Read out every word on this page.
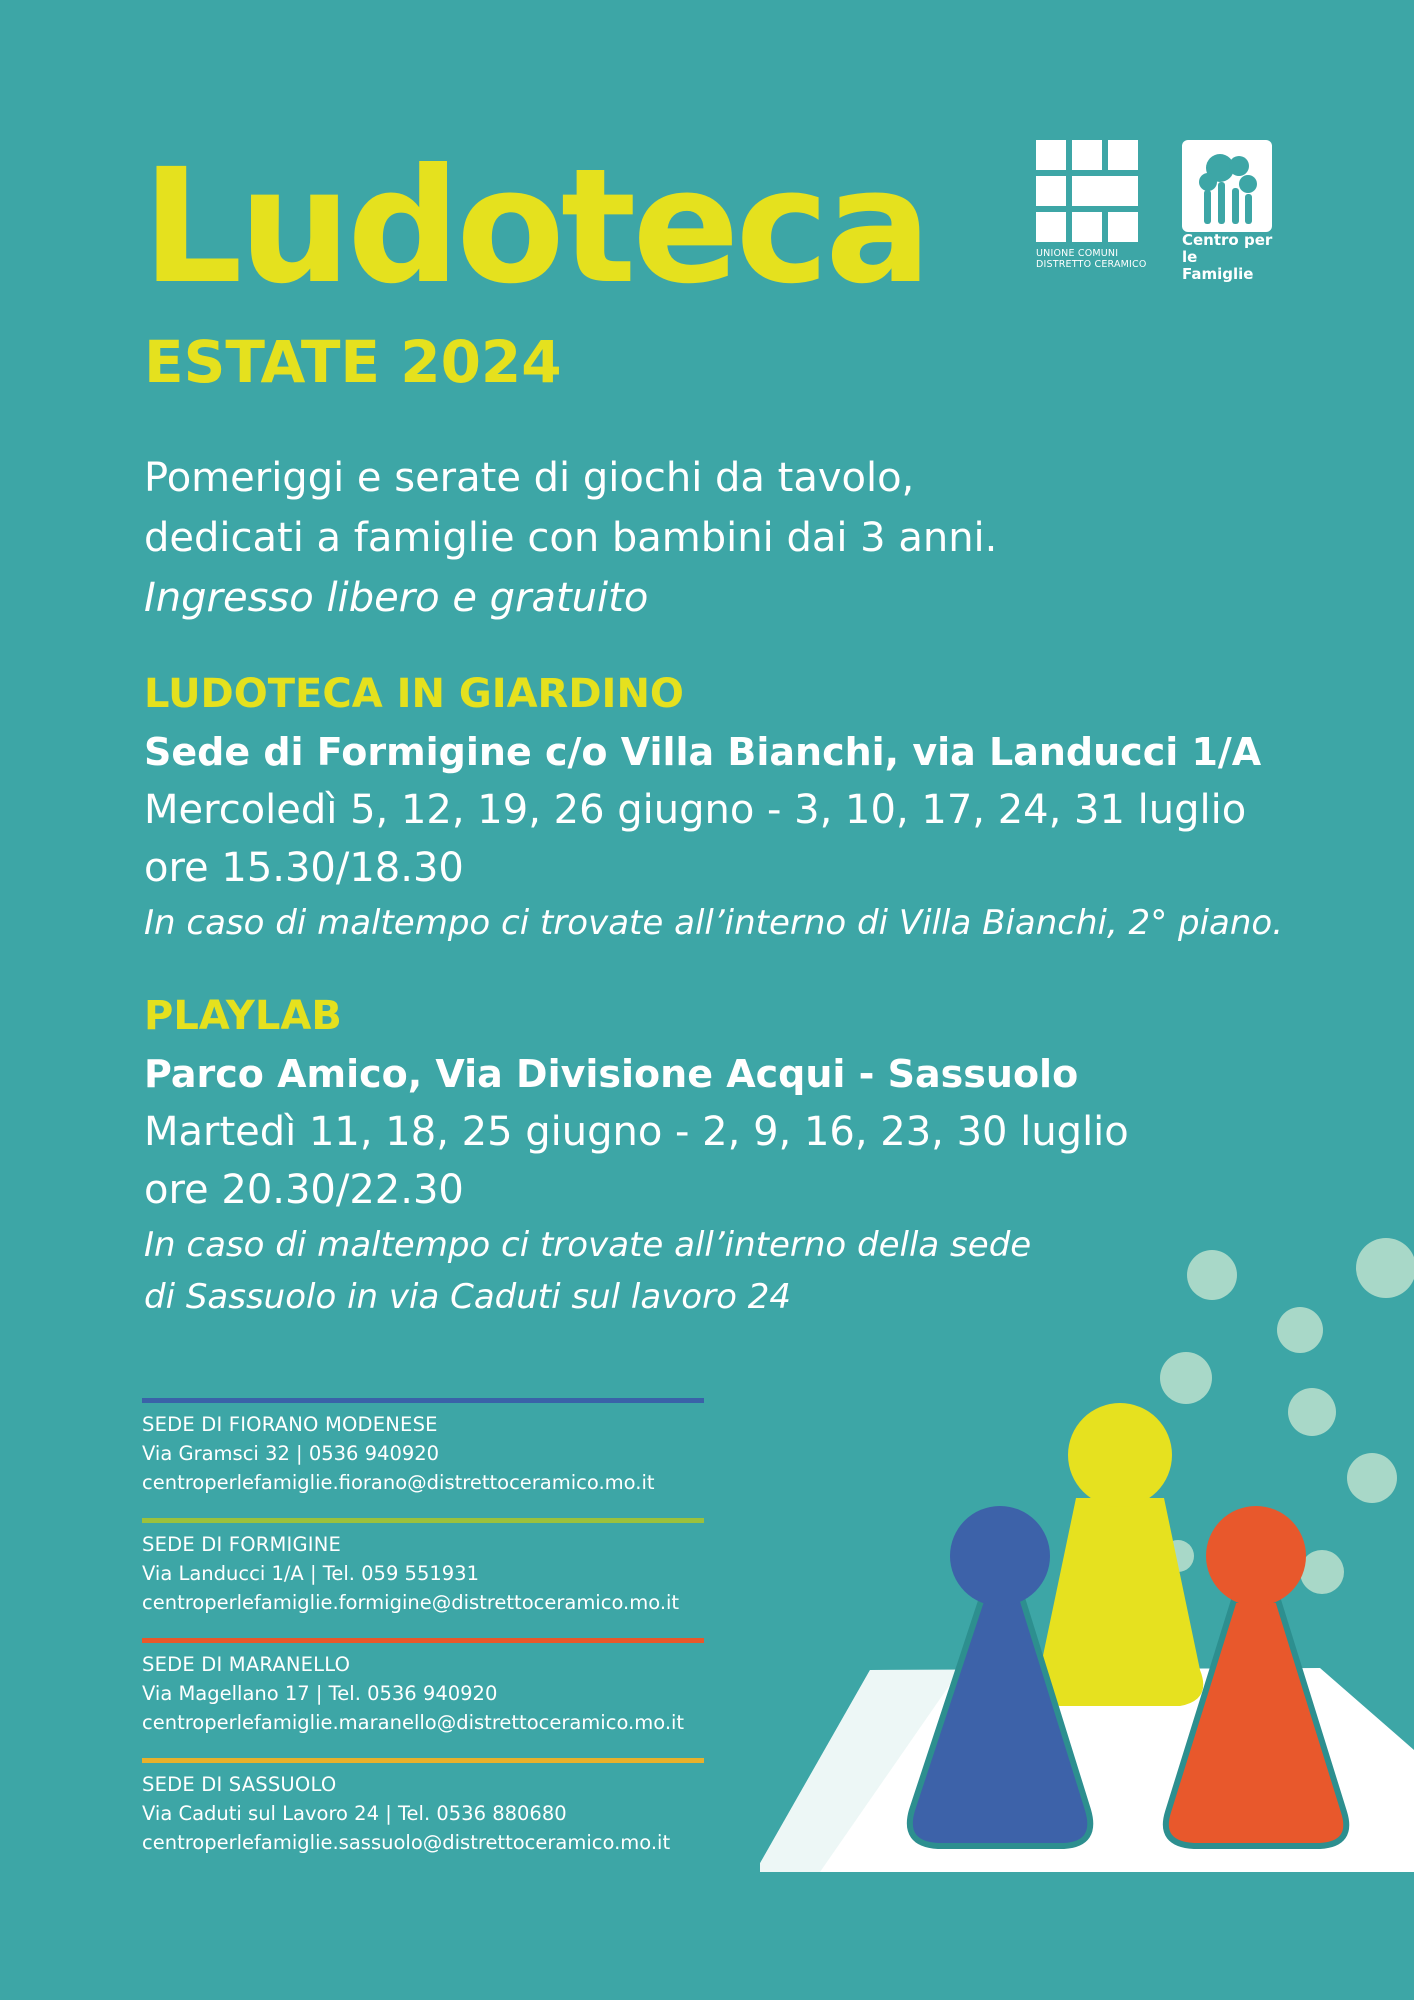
Ludoteca
ESTATE 2024
UNIONE COMUNI
DISTRETTO CERAMICO
Centro per le
Famiglie
Pomeriggi e serate di giochi da tavolo,
dedicati a famiglie con bambini dai 3 anni.
Ingresso libero e gratuito
LUDOTECA IN GIARDINO
Sede di Formigine c/o Villa Bianchi, via Landucci 1/A
Mercoledì 5, 12, 19, 26 giugno - 3, 10, 17, 24, 31 luglio
ore 15.30/18.30
In caso di maltempo ci trovate all’interno di Villa Bianchi, 2° piano.
PLAYLAB
Parco Amico, Via Divisione Acqui - Sassuolo
Martedì 11, 18, 25 giugno - 2, 9, 16, 23, 30 luglio
ore 20.30/22.30
In caso di maltempo ci trovate all’interno della sede
di Sassuolo in via Caduti sul lavoro 24
SEDE DI FIORANO MODENESE
Via Gramsci 32 | 0536 940920
centroperlefamiglie.fiorano@distrettoceramico.mo.it
SEDE DI FORMIGINE
Via Landucci 1/A | Tel. 059 551931
centroperlefamiglie.formigine@distrettoceramico.mo.it
SEDE DI MARANELLO
Via Magellano 17 | Tel. 0536 940920
centroperlefamiglie.maranello@distrettoceramico.mo.it
SEDE DI SASSUOLO
Via Caduti sul Lavoro 24 | Tel. 0536 880680
centroperlefamiglie.sassuolo@distrettoceramico.mo.it
